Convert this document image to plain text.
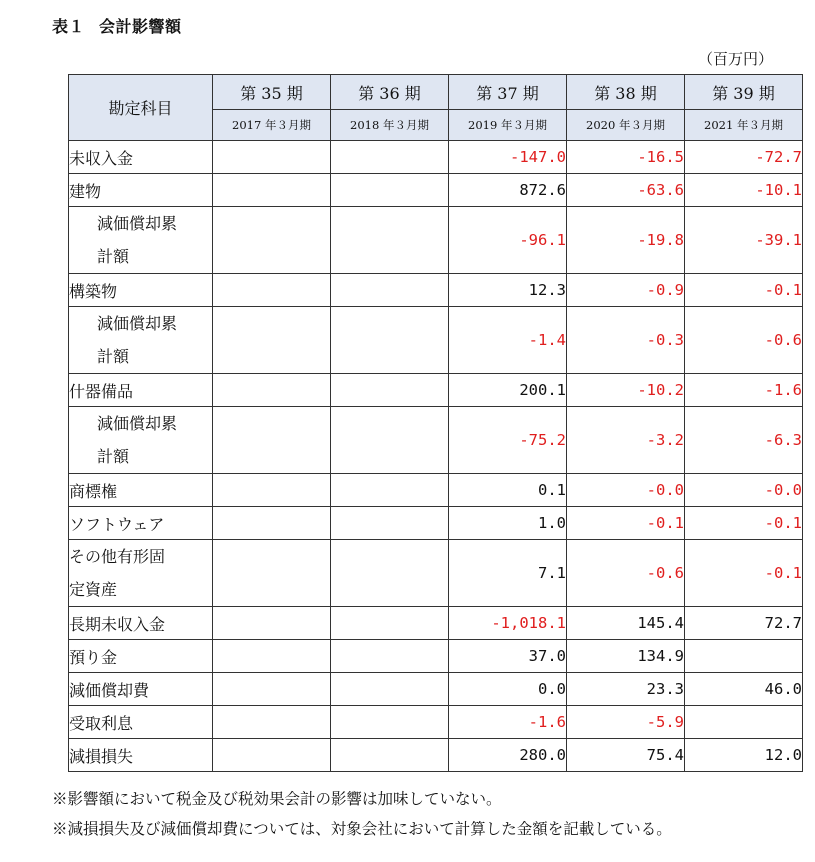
表１ 会計影響額
（百万円）
勘定科目	第 35 期	第 36 期	第 37 期	第 38 期	第 39 期
	2017 年３月期	2018 年３月期	2019 年３月期	2020 年３月期	2021 年３月期
未収入金			-147.0	-16.5	-72.7
建物			872.6	-63.6	-10.1

減価償却累
計額			-96.1	-19.8	-39.1
構築物			12.3	-0.9	-0.1

減価償却累
計額			-1.4	-0.3	-0.6
什器備品			200.1	-10.2	-1.6

減価償却累
計額			-75.2	-3.2	-6.3
商標権			0.1	-0.0	-0.0
ソフトウェア			1.0	-0.1	-0.1

その他有形固
定資産			7.1	-0.6	-0.1
長期未収入金			-1,018.1	145.4	72.7
預り金			37.0	134.9	
減価償却費			0.0	23.3	46.0
受取利息			-1.6	-5.9	
減損損失			280.0	75.4	12.0
※影響額において税金及び税効果会計の影響は加味していない。
※減損損失及び減価償却費については、対象会社において計算した金額を記載している。
